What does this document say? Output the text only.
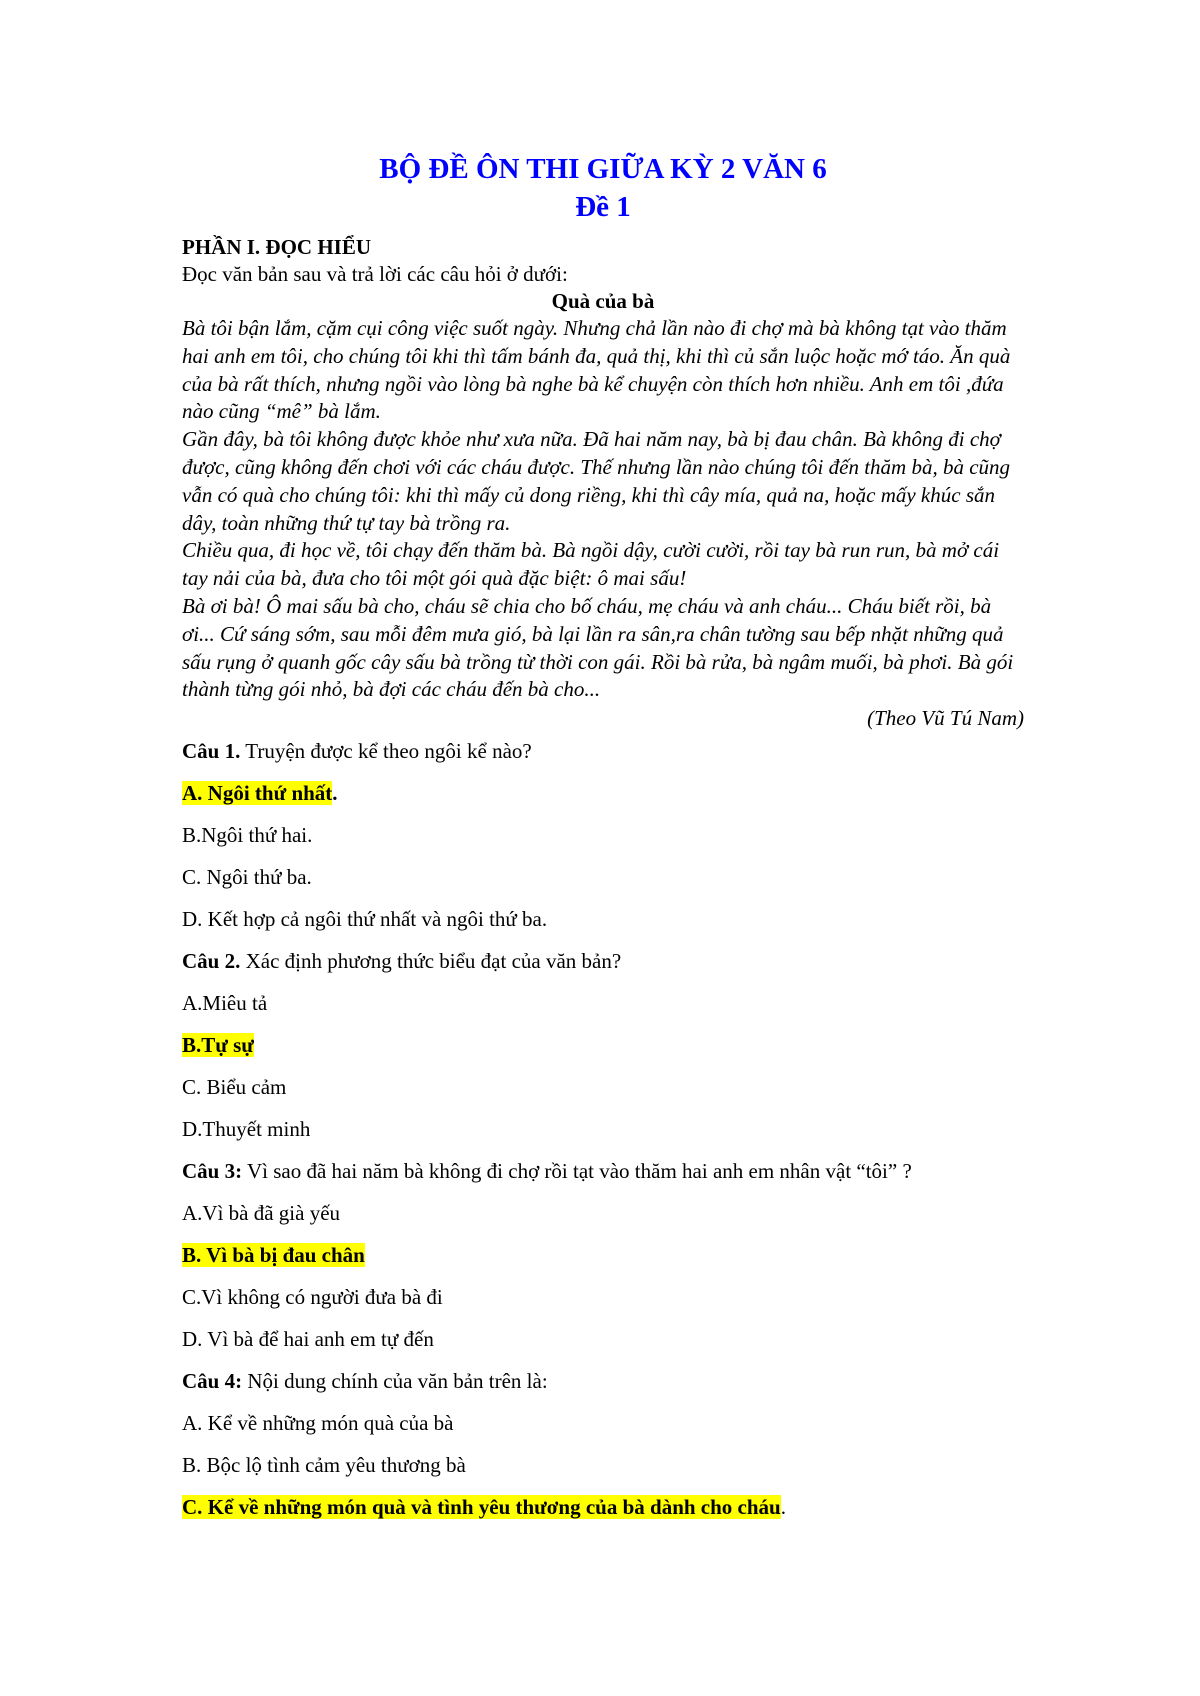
BỘ ĐỀ ÔN THI GIỮA KỲ 2 VĂN 6
Đề 1

PHẦN I. ĐỌC HIỂU

Đọc văn bản sau và trả lời các câu hỏi ở dưới:

Quà của bà

Bà tôi bận lắm, cặm cụi công việc suốt ngày. Nhưng chả lần nào đi chợ mà bà không tạt vào thăm hai anh em tôi, cho chúng tôi khi thì tấm bánh đa, quả thị, khi thì củ sắn luộc hoặc mớ táo. Ăn quà của bà rất thích, nhưng ngồi vào lòng bà nghe bà kể chuyện còn thích hơn nhiều. Anh em tôi ,đứa nào cũng “mê” bà lắm.

Gần đây, bà tôi không được khỏe như xưa nữa. Đã hai năm nay, bà bị đau chân. Bà không đi chợ được, cũng không đến chơi với các cháu được. Thế nhưng lần nào chúng tôi đến thăm bà, bà cũng vẫn có quà cho chúng tôi: khi thì mấy củ dong riềng, khi thì cây mía, quả na, hoặc mấy khúc sắn dây, toàn những thứ tự tay bà trồng ra.

Chiều qua, đi học về, tôi chạy đến thăm bà. Bà ngồi dậy, cười cười, rồi tay bà run run, bà mở cái tay nải của bà, đưa cho tôi một gói quà đặc biệt: ô mai sấu!

Bà ơi bà! Ô mai sấu bà cho, cháu sẽ chia cho bố cháu, mẹ cháu và anh cháu... Cháu biết rồi, bà ơi... Cứ sáng sớm, sau mỗi đêm mưa gió, bà lại lần ra sân,ra chân tường sau bếp nhặt những quả sấu rụng ở quanh gốc cây sấu bà trồng từ thời con gái. Rồi bà rửa, bà ngâm muối, bà phơi. Bà gói thành từng gói nhỏ, bà đợi các cháu đến bà cho...

(Theo Vũ Tú Nam)

Câu 1. Truyện được kể theo ngôi kể nào?

A. Ngôi thứ nhất.

B.Ngôi thứ hai.

C. Ngôi thứ ba.

D. Kết hợp cả ngôi thứ nhất và ngôi thứ ba.

Câu 2. Xác định phương thức biểu đạt của văn bản?

A.Miêu tả

B.Tự sự

C. Biểu cảm

D.Thuyết minh

Câu 3: Vì sao đã hai năm bà không đi chợ rồi tạt vào thăm hai anh em nhân vật “tôi” ?

A.Vì bà đã già yếu

B. Vì bà bị đau chân

C.Vì không có người đưa bà đi

D. Vì bà để hai anh em tự đến

Câu 4: Nội dung chính của văn bản trên là:

A. Kể về những món quà của bà

B. Bộc lộ tình cảm yêu thương bà

C. Kể về những món quà và tình yêu thương của bà dành cho cháu.
